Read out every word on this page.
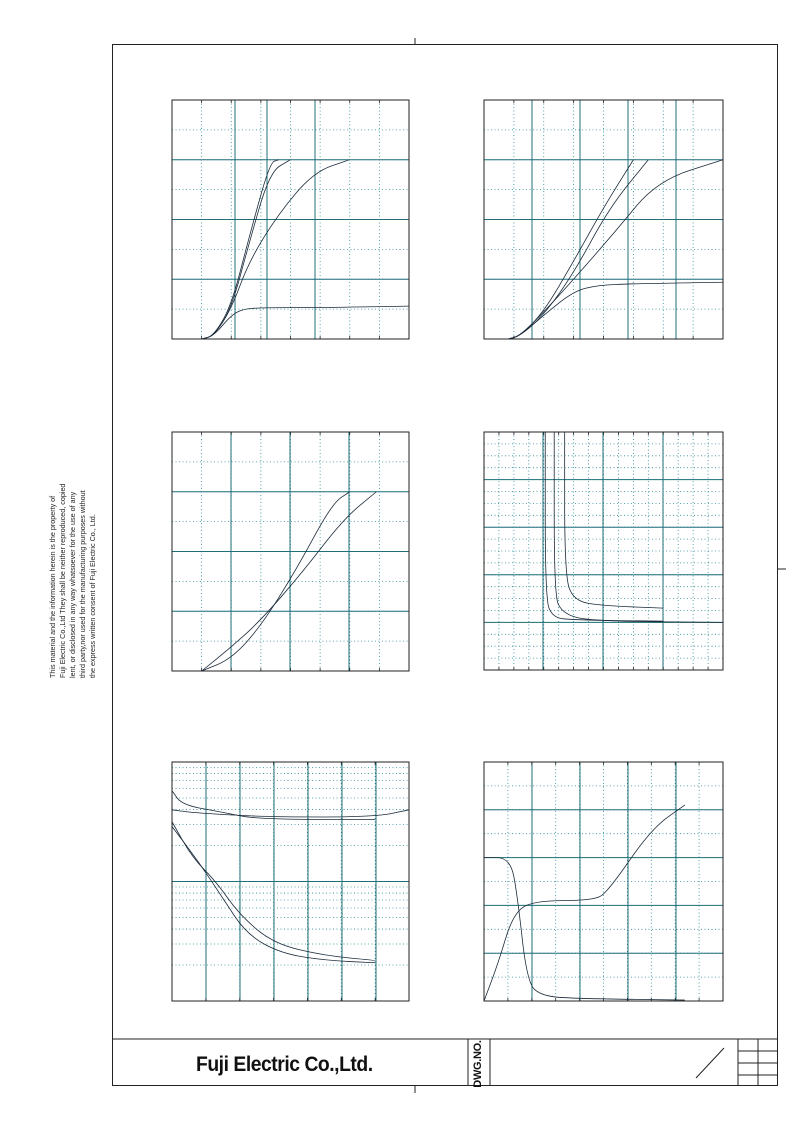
This material and the information herein is the property of Fuji Electric Co.,Ltd They shall be neither reproduced, copied lent, or disclosed in any way whatsoever for the use of any third party,nor used for the manufacturing purposes without the express written consent of Fuji Electric Co., Ltd.
Fuji Electric Co.,Ltd.	DWG.NO.
